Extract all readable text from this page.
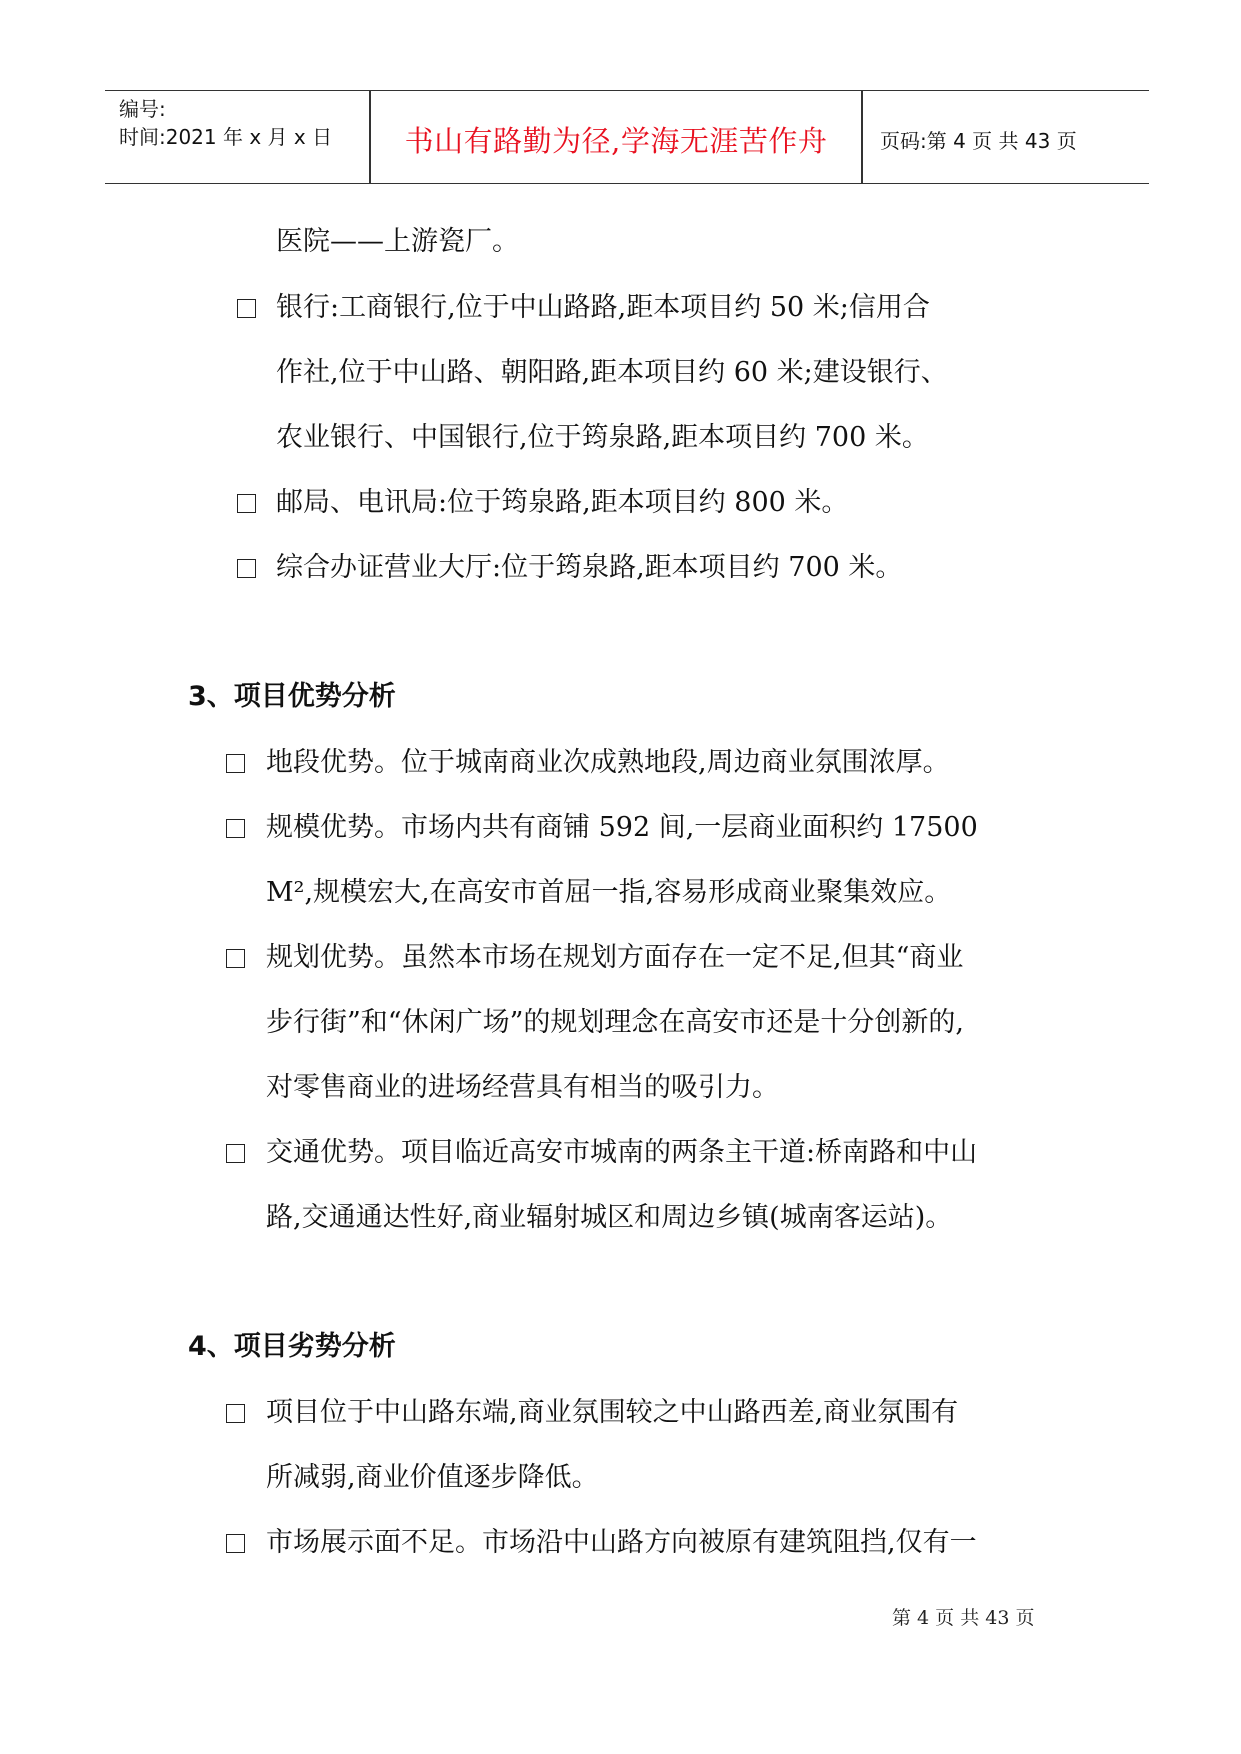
编号:
时间:2021 年 x 月 x 日	书山有路勤为径,学海无涯苦作舟	页码:第 4 页 共 43 页
医院——上游瓷厂。
银行:工商银行,位于中山路路,距本项目约 50 米;信用合
作社,位于中山路、朝阳路,距本项目约 60 米;建设银行、
农业银行、中国银行,位于筠泉路,距本项目约 700 米。
邮局、电讯局:位于筠泉路,距本项目约 800 米。
综合办证营业大厅:位于筠泉路,距本项目约 700 米。
3、项目优势分析
地段优势。位于城南商业次成熟地段,周边商业氛围浓厚。
规模优势。市场内共有商铺 592 间,一层商业面积约 17500
M²,规模宏大,在高安市首屈一指,容易形成商业聚集效应。
规划优势。虽然本市场在规划方面存在一定不足,但其“商业
步行街”和“休闲广场”的规划理念在高安市还是十分创新的,
对零售商业的进场经营具有相当的吸引力。
交通优势。项目临近高安市城南的两条主干道:桥南路和中山
路,交通通达性好,商业辐射城区和周边乡镇(城南客运站)。
4、项目劣势分析
项目位于中山路东端,商业氛围较之中山路西差,商业氛围有
所减弱,商业价值逐步降低。
市场展示面不足。市场沿中山路方向被原有建筑阻挡,仅有一
第 4 页 共 43 页
